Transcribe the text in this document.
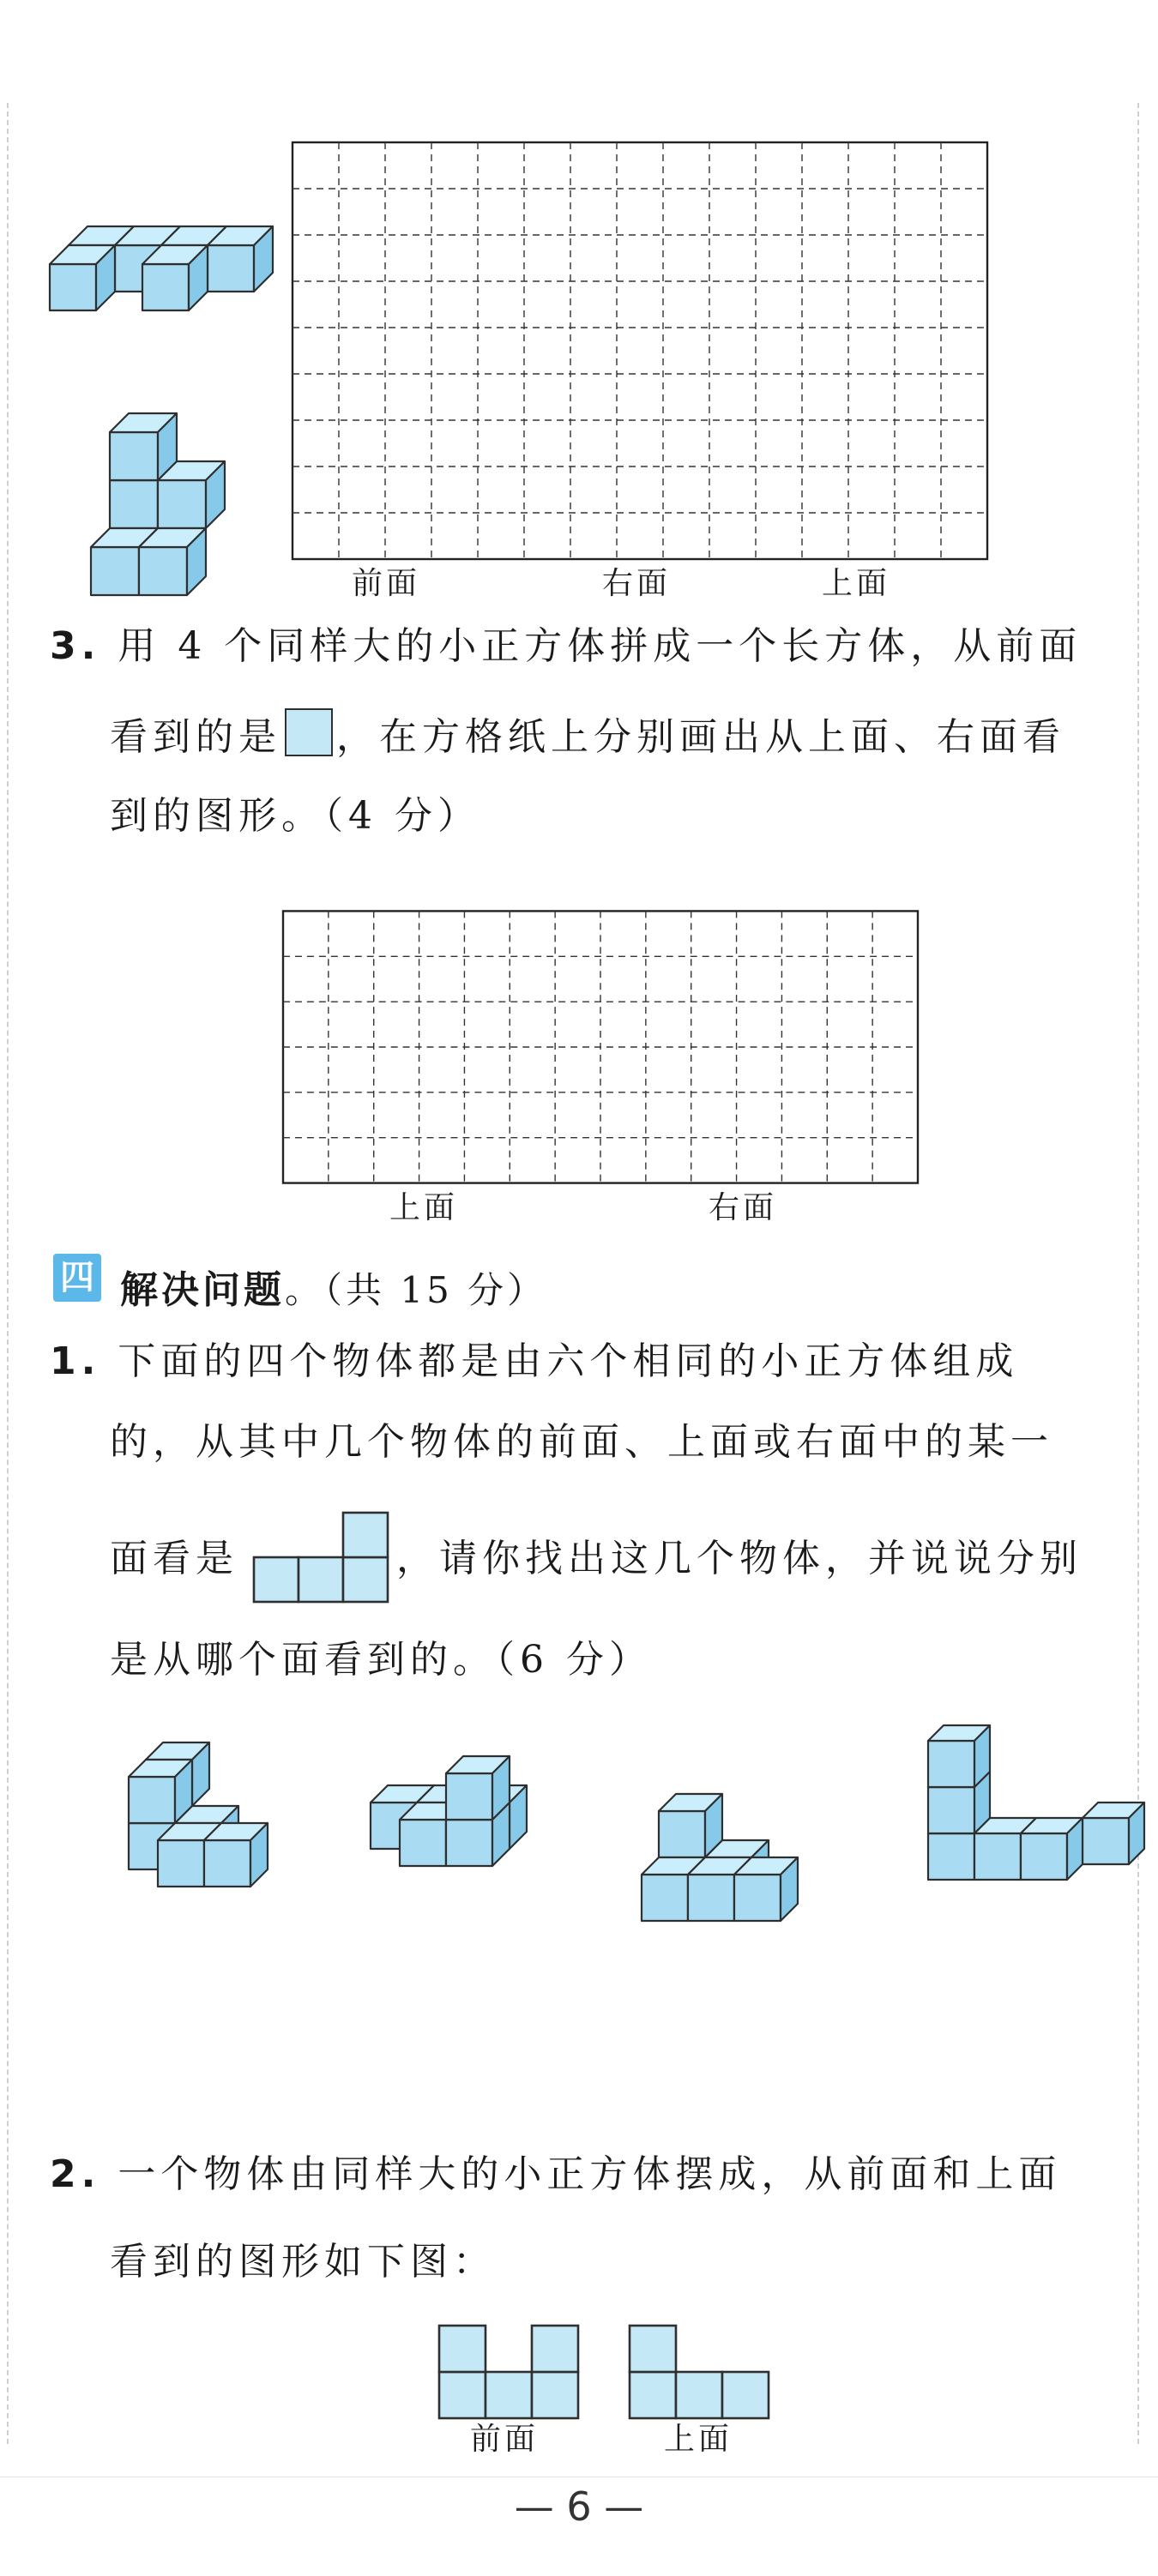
前面	右面	上面
3. 用 4 个同样大的小正方体拼成一个长方体，从前面
看到的是 ，在方格纸上分别画出从上面、右面看
到的图形。（4 分）
上面	右面
四 解决问题。（共 15 分）
1. 下面的四个物体都是由六个相同的小正方体组成
的，从其中几个物体的前面、上面或右面中的某一
面看是	，请你找出这几个物体，并说说分别
是从哪个面看到的。（6 分）
2. 一个物体由同样大的小正方体摆成，从前面和上面
看到的图形如下图：
前面	上面
— 6 —
